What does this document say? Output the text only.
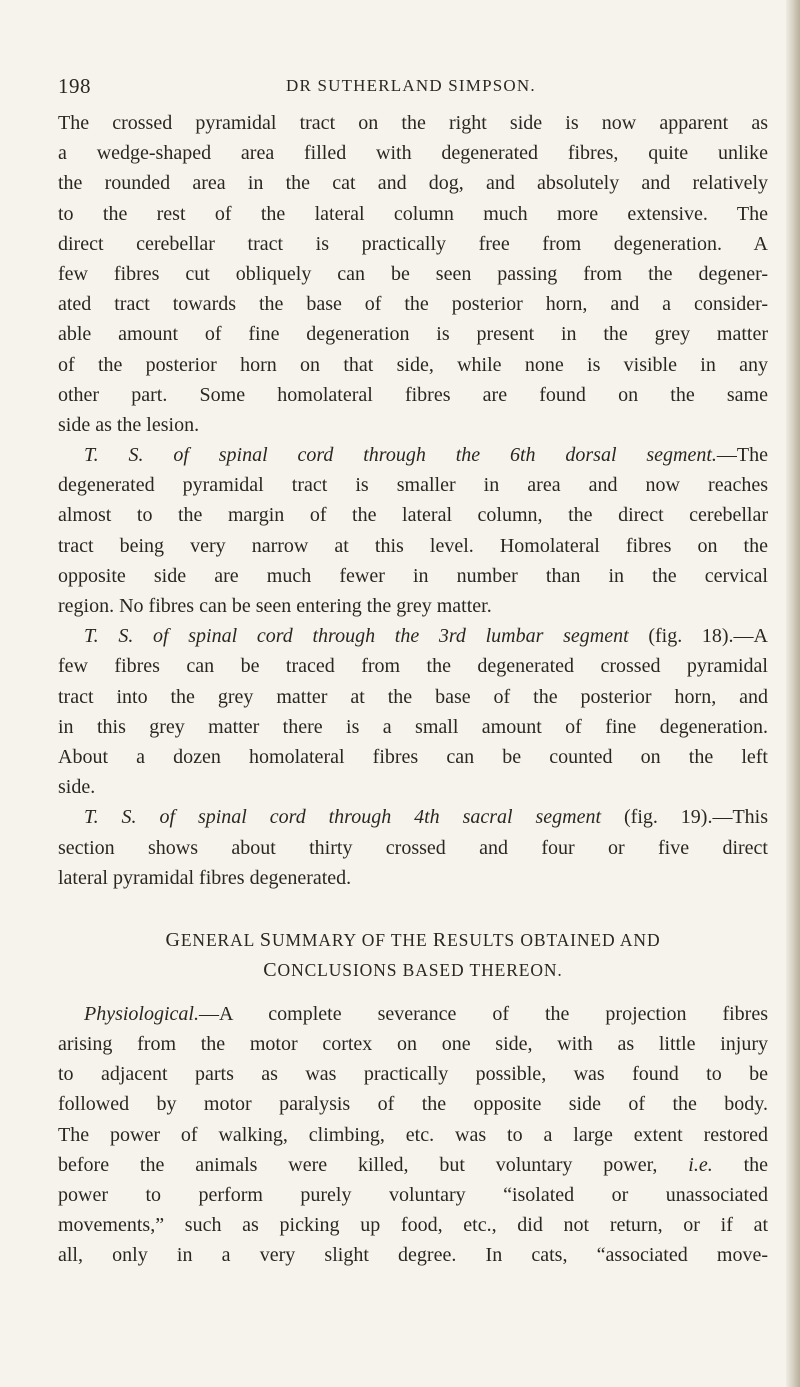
198	DR SUTHERLAND SIMPSON.
The crossed pyramidal tract on the right side is now apparent as
a wedge-shaped area filled with degenerated fibres, quite unlike
the rounded area in the cat and dog, and absolutely and relatively
to the rest of the lateral column much more extensive. The
direct cerebellar tract is practically free from degeneration. A
few fibres cut obliquely can be seen passing from the degener-
ated tract towards the base of the posterior horn, and a consider-
able amount of fine degeneration is present in the grey matter
of the posterior horn on that side, while none is visible in any
other part. Some homolateral fibres are found on the same
side as the lesion.
T. S. of spinal cord through the 6th dorsal segment.—The
degenerated pyramidal tract is smaller in area and now reaches
almost to the margin of the lateral column, the direct cerebellar
tract being very narrow at this level. Homolateral fibres on the
opposite side are much fewer in number than in the cervical
region. No fibres can be seen entering the grey matter.
T. S. of spinal cord through the 3rd lumbar segment (fig. 18).—A
few fibres can be traced from the degenerated crossed pyramidal
tract into the grey matter at the base of the posterior horn, and
in this grey matter there is a small amount of fine degeneration.
About a dozen homolateral fibres can be counted on the left
side.
T. S. of spinal cord through 4th sacral segment (fig. 19).—This
section shows about thirty crossed and four or five direct
lateral pyramidal fibres degenerated.
GENERAL SUMMARY OF THE RESULTS OBTAINED AND
CONCLUSIONS BASED THEREON.
Physiological.—A complete severance of the projection fibres
arising from the motor cortex on one side, with as little injury
to adjacent parts as was practically possible, was found to be
followed by motor paralysis of the opposite side of the body.
The power of walking, climbing, etc. was to a large extent restored
before the animals were killed, but voluntary power, i.e. the
power to perform purely voluntary “isolated or unassociated
movements,” such as picking up food, etc., did not return, or if at
all, only in a very slight degree. In cats, “associated move-
